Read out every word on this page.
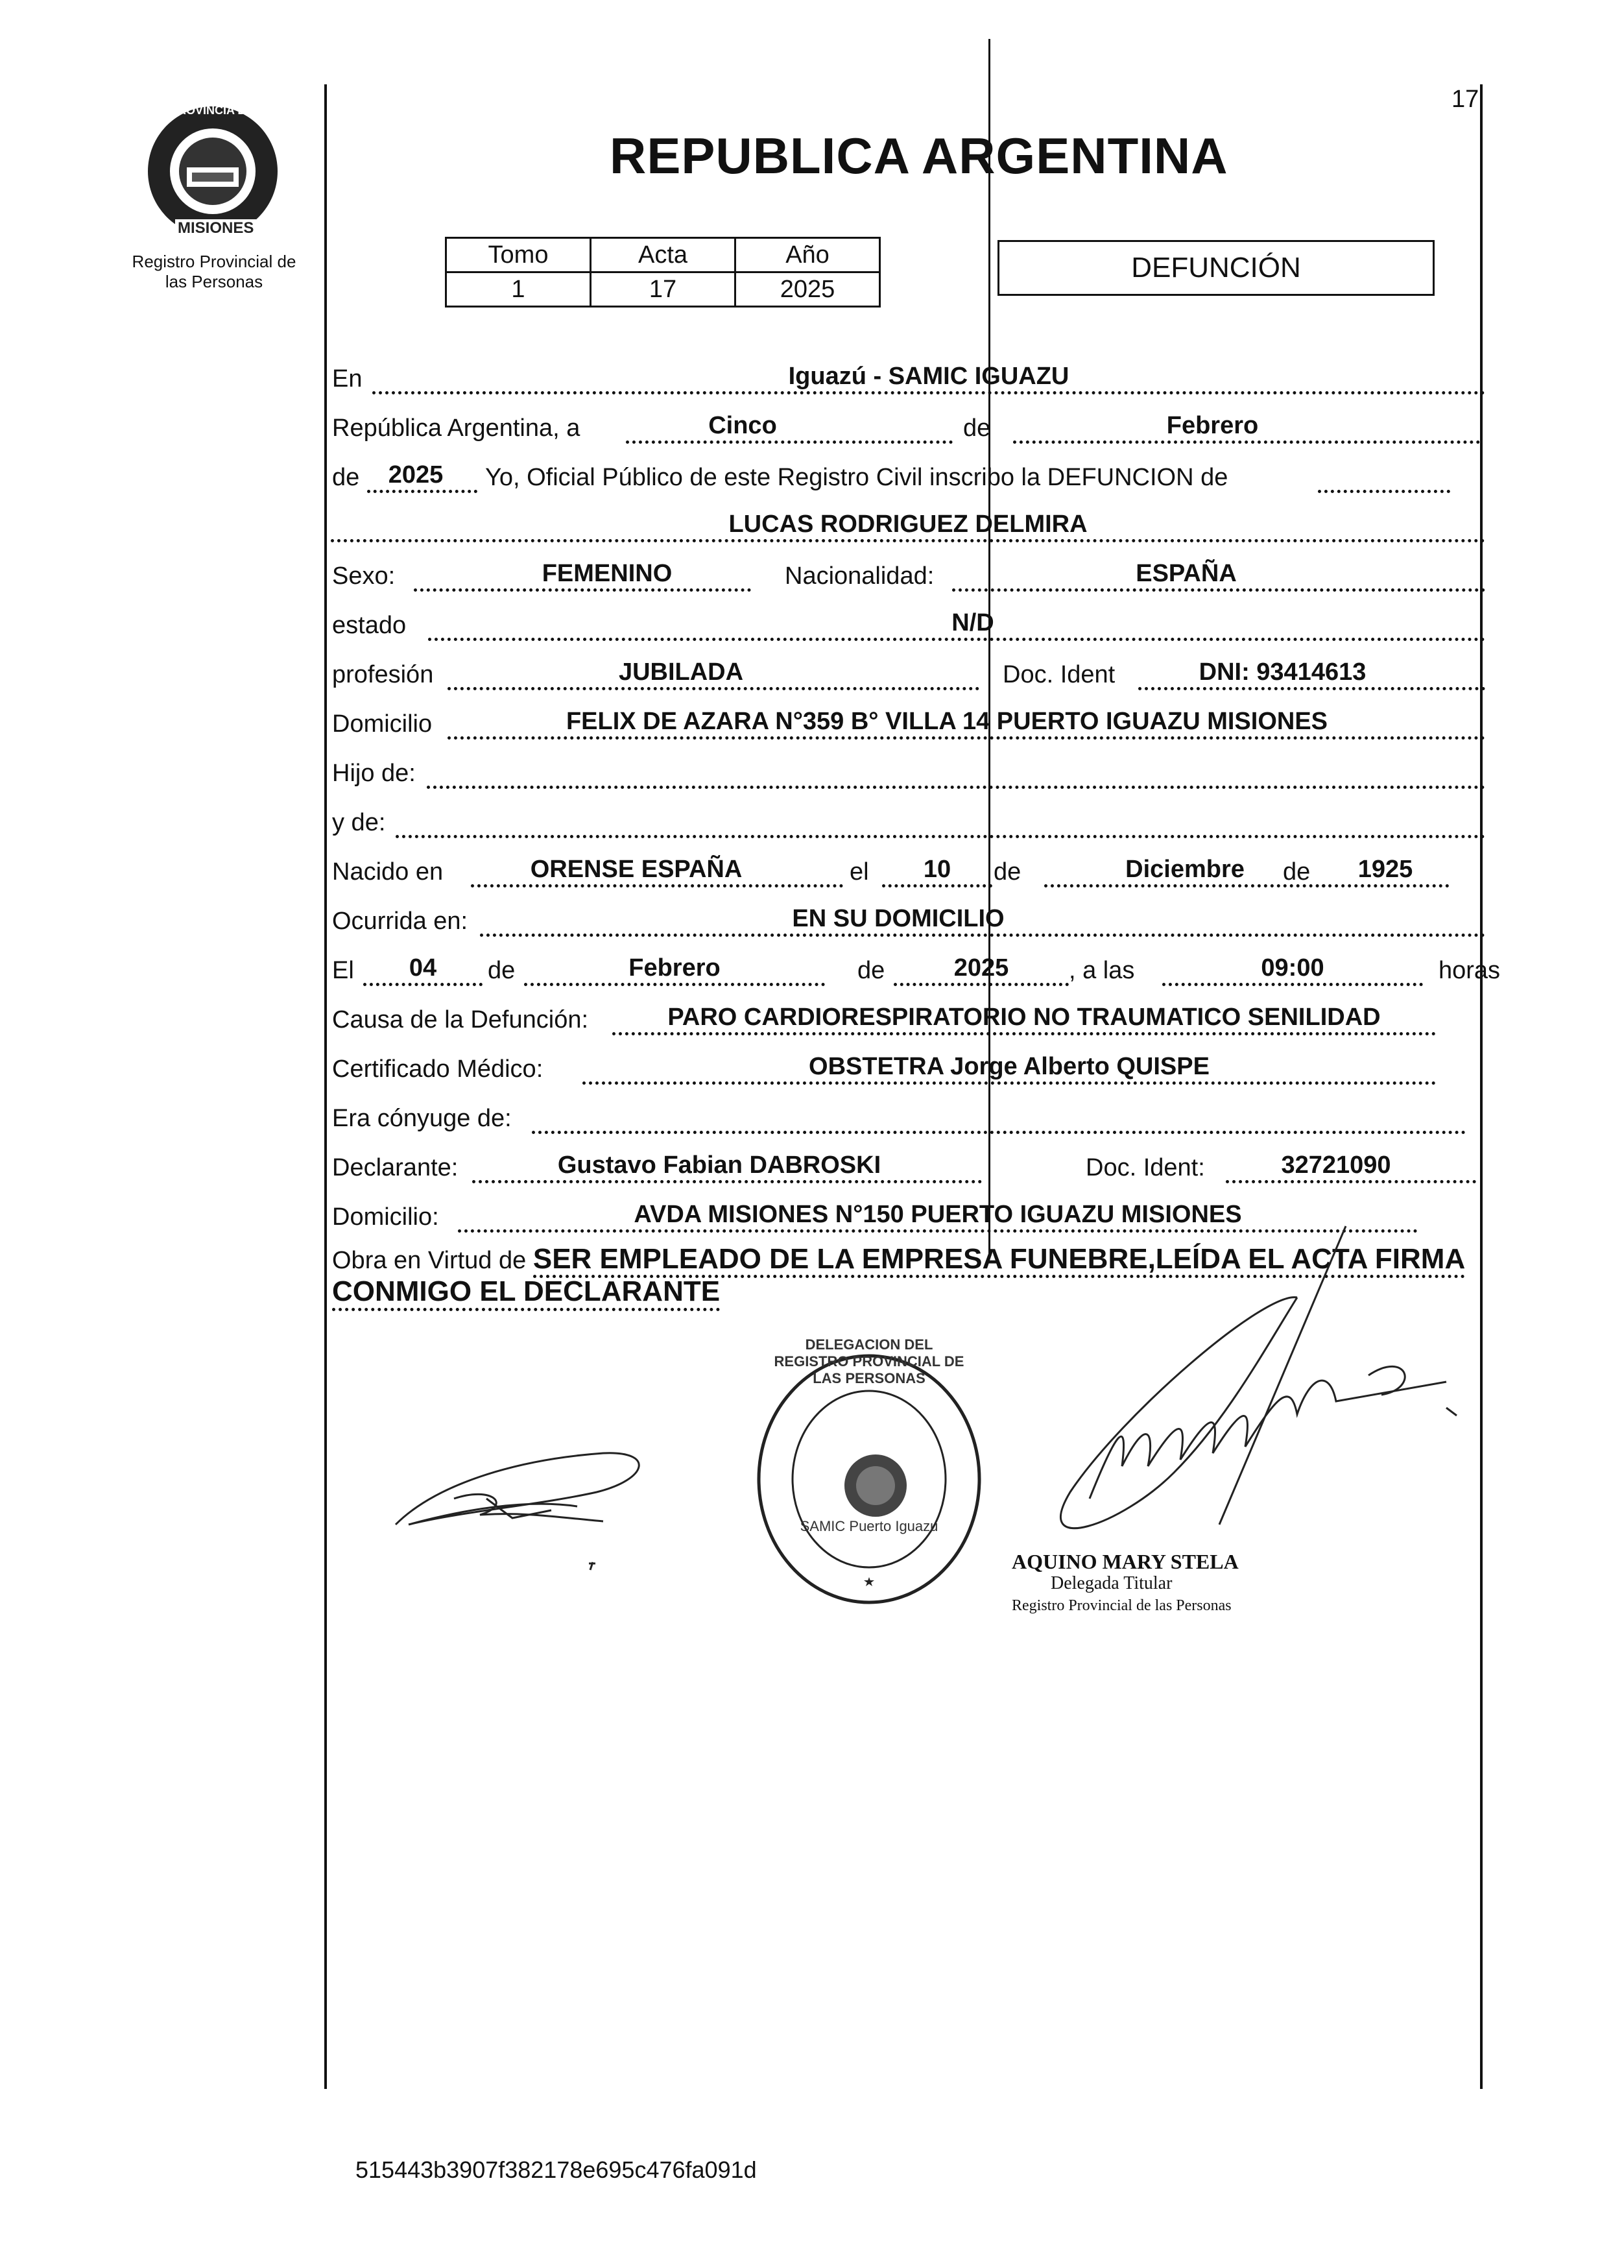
17
PROVINCIA DE
MISIONES
Registro Provincial de
las Personas
REPUBLICA ARGENTINA
Tomo	Acta	Año
1	17	2025
DEFUNCIÓN
En	Iguazú - SAMIC IGUAZU
República Argentina, a	Cinco	de	Febrero
de	2025	Yo, Oficial Público de este Registro Civil inscribo la DEFUNCION de
LUCAS RODRIGUEZ DELMIRA
Sexo:	FEMENINO	Nacionalidad:	ESPAÑA
estado	N/D
profesión	JUBILADA	Doc. Ident	DNI: 93414613
Domicilio	FELIX DE AZARA N°359 B° VILLA 14 PUERTO IGUAZU MISIONES
Hijo de:
y de:
Nacido en	ORENSE ESPAÑA	el	10	de	Diciembre	de	1925
Ocurrida en:	EN SU DOMICILIO
El	04	de	Febrero	de	2025	, a las	09:00	horas
Causa de la Defunción:	PARO CARDIORESPIRATORIO NO TRAUMATICO SENILIDAD
Certificado Médico:	OBSTETRA Jorge Alberto QUISPE
Era cónyuge de:
Declarante:	Gustavo Fabian DABROSKI	Doc. Ident:	32721090
Domicilio:	AVDA MISIONES N°150 PUERTO IGUAZU MISIONES
Obra en Virtud de SER EMPLEADO DE LA EMPRESA FUNEBRE,LEÍDA EL ACTA FIRMA
CONMIGO EL DECLARANTE
DELEGACION DEL REGISTRO PROVINCIAL DE LAS PERSONAS
SAMIC Puerto Iguazu
AQUINO MARY STELA
Delegada Titular
Registro Provincial de las Personas
515443b3907f382178e695c476fa091d
